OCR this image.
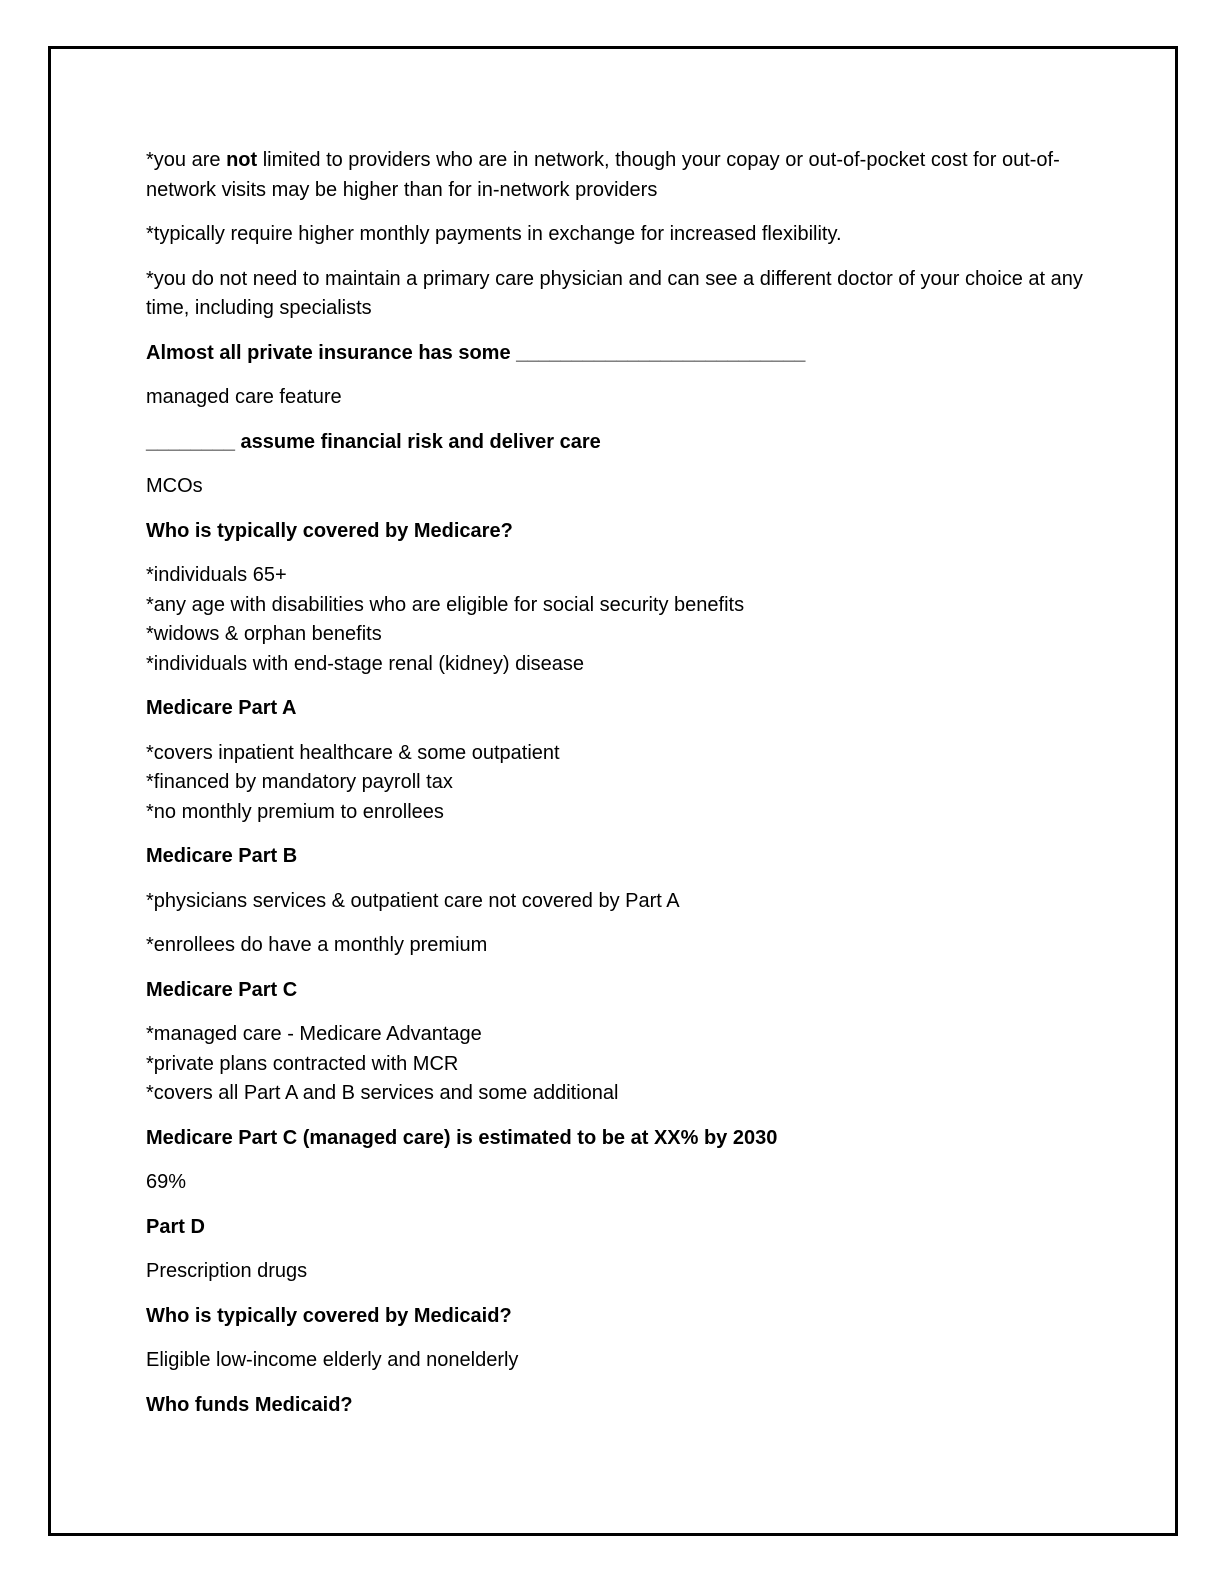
*you are not limited to providers who are in network, though your copay or out-of-pocket cost for out-of-network visits may be higher than for in-network providers

*typically require higher monthly payments in exchange for increased flexibility.

*you do not need to maintain a primary care physician and can see a different doctor of your choice at any time, including specialists

Almost all private insurance has some __________________________

managed care feature

________ assume financial risk and deliver care

MCOs

Who is typically covered by Medicare?

*individuals 65+
*any age with disabilities who are eligible for social security benefits
*widows & orphan benefits
*individuals with end-stage renal (kidney) disease

Medicare Part A

*covers inpatient healthcare & some outpatient
*financed by mandatory payroll tax
*no monthly premium to enrollees

Medicare Part B

*physicians services & outpatient care not covered by Part A

*enrollees do have a monthly premium

Medicare Part C

*managed care - Medicare Advantage
*private plans contracted with MCR
*covers all Part A and B services and some additional

Medicare Part C (managed care) is estimated to be at XX% by 2030

69%

Part D

Prescription drugs

Who is typically covered by Medicaid?

Eligible low-income elderly and nonelderly

Who funds Medicaid?
